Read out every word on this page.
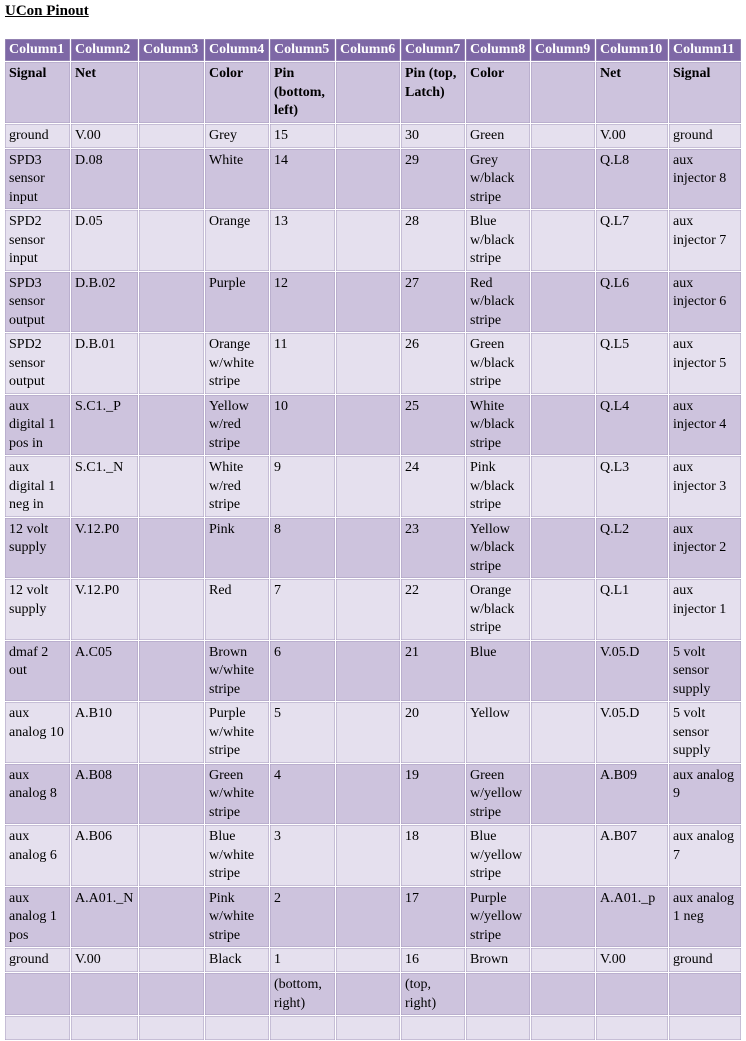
UCon Pinout
Column1	Column2	Column3	Column4	Column5	Column6	Column7	Column8	Column9	Column10	Column11
Signal	Net		Color	Pin (bottom, left)		Pin (top, Latch)	Color		Net	Signal
ground	V.00		Grey	15		30	Green		V.00	ground
SPD3 sensor input	D.08		White	14		29	Grey w/black stripe		Q.L8	aux injector 8
SPD2 sensor input	D.05		Orange	13		28	Blue w/black stripe		Q.L7	aux injector 7
SPD3 sensor output	D.B.02		Purple	12		27	Red w/black stripe		Q.L6	aux injector 6
SPD2 sensor output	D.B.01		Orange w/white stripe	11		26	Green w/black stripe		Q.L5	aux injector 5
aux digital 1 pos in	S.C1._P		Yellow w/red stripe	10		25	White w/black stripe		Q.L4	aux injector 4
aux digital 1 neg in	S.C1._N		White w/red stripe	9		24	Pink w/black stripe		Q.L3	aux injector 3
12 volt supply	V.12.P0		Pink	8		23	Yellow w/black stripe		Q.L2	aux injector 2
12 volt supply	V.12.P0		Red	7		22	Orange w/black stripe		Q.L1	aux injector 1
dmaf 2 out	A.C05		Brown w/white stripe	6		21	Blue		V.05.D	5 volt sensor supply
aux analog 10	A.B10		Purple w/white stripe	5		20	Yellow		V.05.D	5 volt sensor supply
aux analog 8	A.B08		Green w/white stripe	4		19	Green w/yellow stripe		A.B09	aux analog 9
aux analog 6	A.B06		Blue w/white stripe	3		18	Blue w/yellow stripe		A.B07	aux analog 7
aux analog 1 pos	A.A01._N		Pink w/white stripe	2		17	Purple w/yellow stripe		A.A01._p	aux analog 1 neg
ground	V.00		Black	1		16	Brown		V.00	ground
				(bottom, right)		(top, right)				
